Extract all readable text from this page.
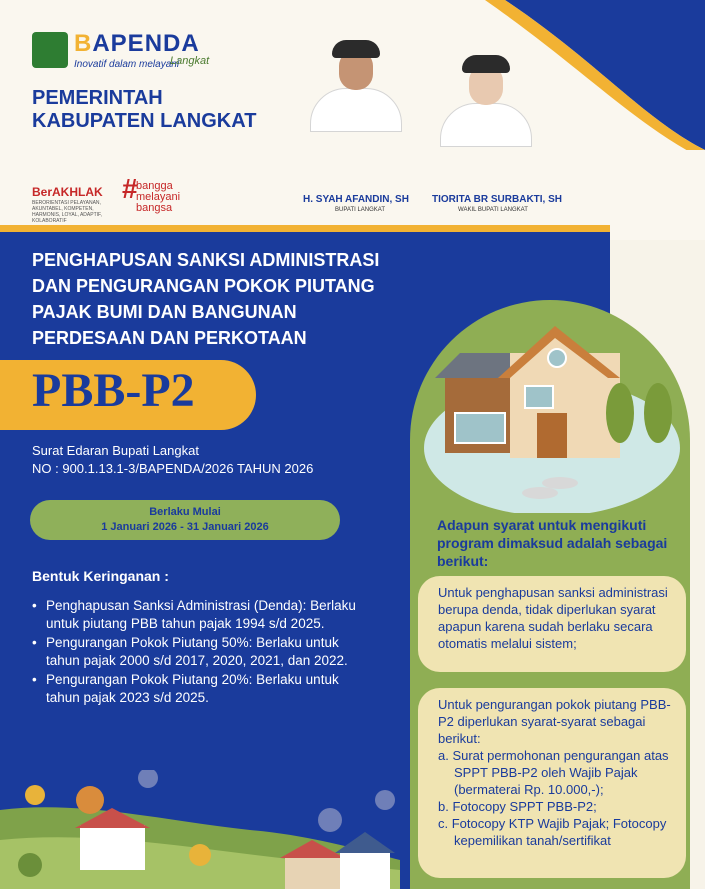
BAPENDA
Inovatif dalam melayani
Langkat
PEMERINTAH
KABUPATEN LANGKAT
BerAKHLAK
BERORIENTASI PELAYANAN, AKUNTABEL, KOMPETEN, HARMONIS, LOYAL, ADAPTIF, KOLABORATIF
#
bangga
melayani
bangsa
H. SYAH AFANDIN, SH
BUPATI LANGKAT
TIORITA BR SURBAKTI, SH
WAKIL BUPATI LANGKAT
PENGHAPUSAN SANKSI ADMINISTRASI
DAN PENGURANGAN POKOK PIUTANG
PAJAK BUMI DAN BANGUNAN
PERDESAAN DAN PERKOTAAN
PBB-P2
Surat Edaran Bupati Langkat
NO : 900.1.13.1-3/BAPENDA/2026 TAHUN 2026
Berlaku Mulai
1 Januari 2026 - 31 Januari 2026
Bentuk Keringanan :
• Penghapusan Sanksi Administrasi (Denda): Berlaku untuk piutang PBB tahun pajak 1994 s/d 2025.
• Pengurangan Pokok Piutang 50%: Berlaku untuk tahun pajak 2000 s/d 2017, 2020, 2021, dan 2022.
• Pengurangan Pokok Piutang 20%: Berlaku untuk tahun pajak 2023 s/d 2025.
Adapun syarat untuk mengikuti program dimaksud adalah sebagai berikut:
Untuk penghapusan sanksi administrasi berupa denda, tidak diperlukan syarat apapun karena sudah berlaku secara otomatis melalui sistem;
Untuk pengurangan pokok piutang PBB-P2 diperlukan syarat-syarat sebagai berikut:
a. Surat permohonan pengurangan atas SPPT PBB-P2 oleh Wajib Pajak (bermaterai Rp. 10.000,-);
b. Fotocopy SPPT PBB-P2;
c. Fotocopy KTP Wajib Pajak; Fotocopy kepemilikan tanah/sertifikat
